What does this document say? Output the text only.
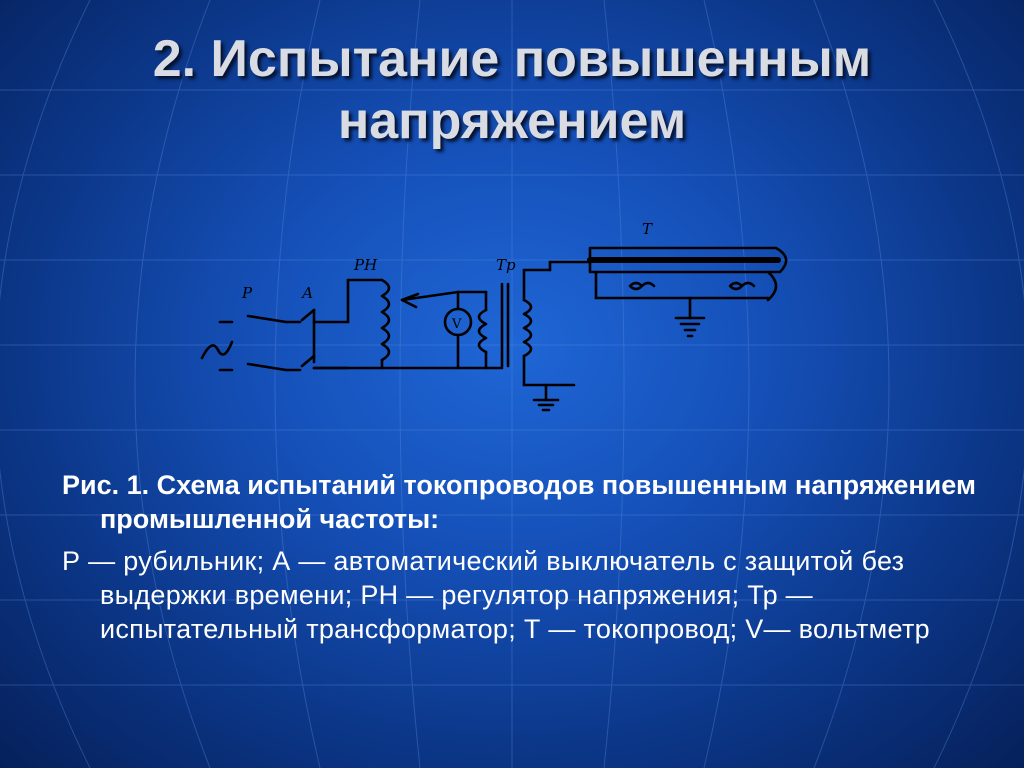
2. Испытание повышенным
напряжением
Р	А
РН	Тр
Т
V
Рис. 1. Схема испытаний токопроводов повышенным напряжением промышленной частоты:
Р — рубильник; А — автоматический выключатель с защитой без выдержки времени; РН — регулятор напряжения; Тр — испытательный трансформатор; Т — токопровод; V— вольтметр
